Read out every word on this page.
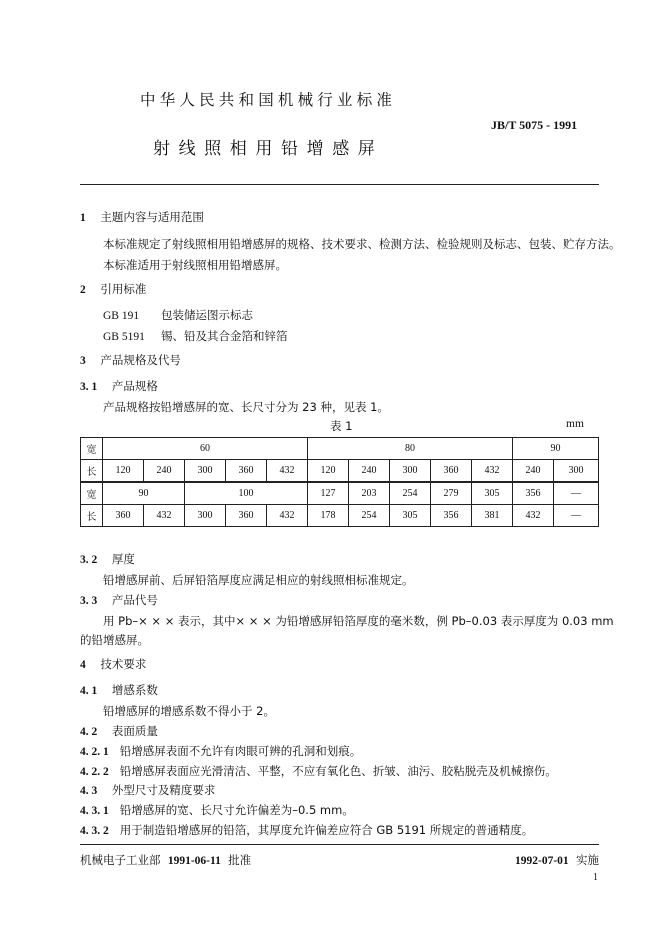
中华人民共和国机械行业标准
JB/T 5075 - 1991
射线照相用铅增感屏
1 主题内容与适用范围
本标准规定了射线照相用铅增感屏的规格、技术要求、检测方法、检验规则及标志、包装、贮存方法。
本标准适用于射线照相用铅增感屏。
2 引用标准
GB 191 包装储运图示标志
GB 5191 锡、铅及其合金箔和锌箔
3 产品规格及代号
3. 1 产品规格
产品规格按铅增感屏的宽、长尺寸分为 23 种，见表 1。
表 1	mm
宽	60					80					90	
长	120	240	300	360	432	120	240	300	360	432	240	300
宽	90		100			127	203	254	279	305	356	—
长	360	432	300	360	432	178	254	305	356	381	432	—
3. 2 厚度
铅增感屏前、后屏铅箔厚度应满足相应的射线照相标准规定。
3. 3 产品代号
用 Pb–× × × 表示，其中× × × 为铅增感屏铅箔厚度的毫米数，例 Pb–0.03 表示厚度为 0.03 mm
的铅增感屏。
4 技术要求
4. 1 增感系数
铅增感屏的增感系数不得小于 2。
4. 2 表面质量
4. 2. 1 铅增感屏表面不允许有肉眼可辨的孔洞和划痕。
4. 2. 2 铅增感屏表面应光滑清洁、平整，不应有氧化色、折皱、油污、胶粘脱壳及机械擦伤。
4. 3 外型尺寸及精度要求
4. 3. 1 铅增感屏的宽、长尺寸允许偏差为–0.5 mm。
4. 3. 2 用于制造铅增感屏的铅箔，其厚度允许偏差应符合 GB 5191 所规定的普通精度。
机械电子工业部 1991-06-11 批准	1992-07-01 实施
1
